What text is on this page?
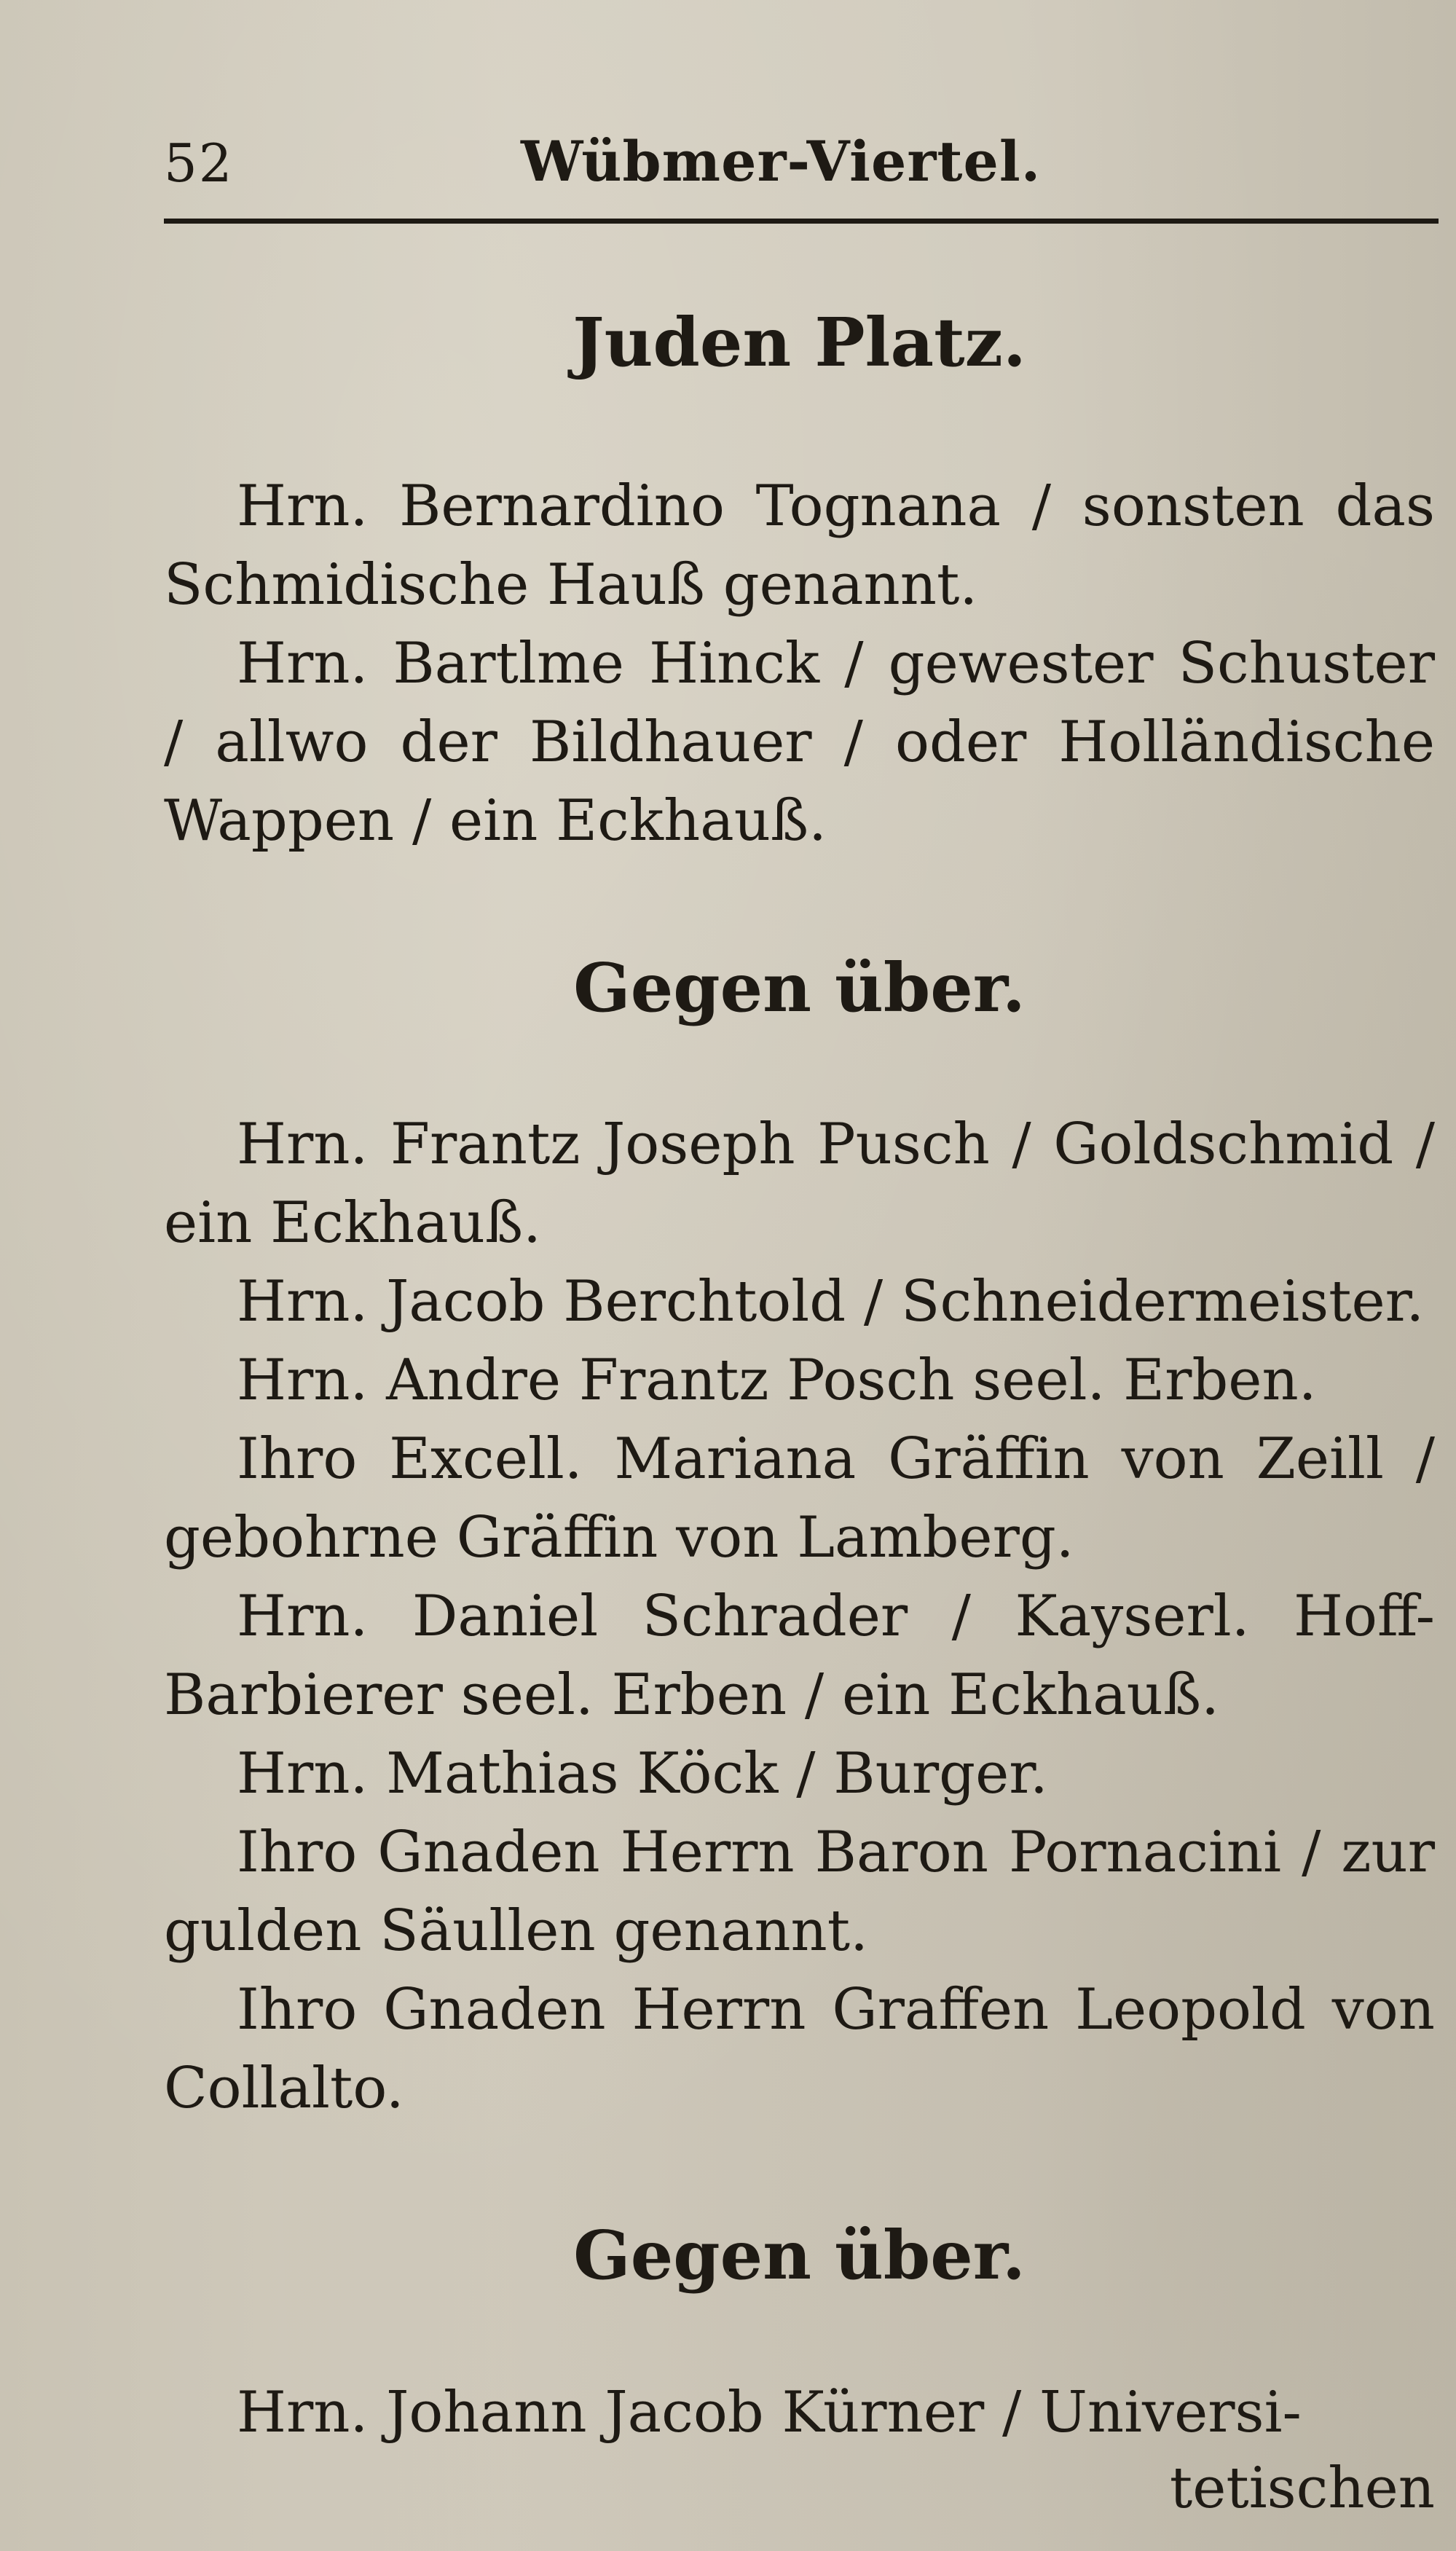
52	Wübmer-Viertel.
Juden Platz.

Hrn. Bernardino Tognana / sonsten das Schmidische Hauß genannt.

Hrn. Bartlme Hinck / gewester Schuster / allwo der Bildhauer / oder Holländische Wappen / ein Eckhauß.

Gegen über.

Hrn. Frantz Joseph Pusch / Goldschmid / ein Eckhauß.

Hrn. Jacob Berchtold / Schneidermeister.

Hrn. Andre Frantz Posch seel. Erben.

Ihro Excell. Mariana Gräffin von Zeill / gebohrne Gräffin von Lamberg.

Hrn. Daniel Schrader / Kayserl. Hoff-Barbierer seel. Erben / ein Eckhauß.

Hrn. Mathias Köck / Burger.

Ihro Gnaden Herrn Baron Pornacini / zur gulden Säullen genannt.

Ihro Gnaden Herrn Graffen Leopold von Collalto.

Gegen über.

Hrn. Johann Jacob Kürner / Universi-

tetischen
